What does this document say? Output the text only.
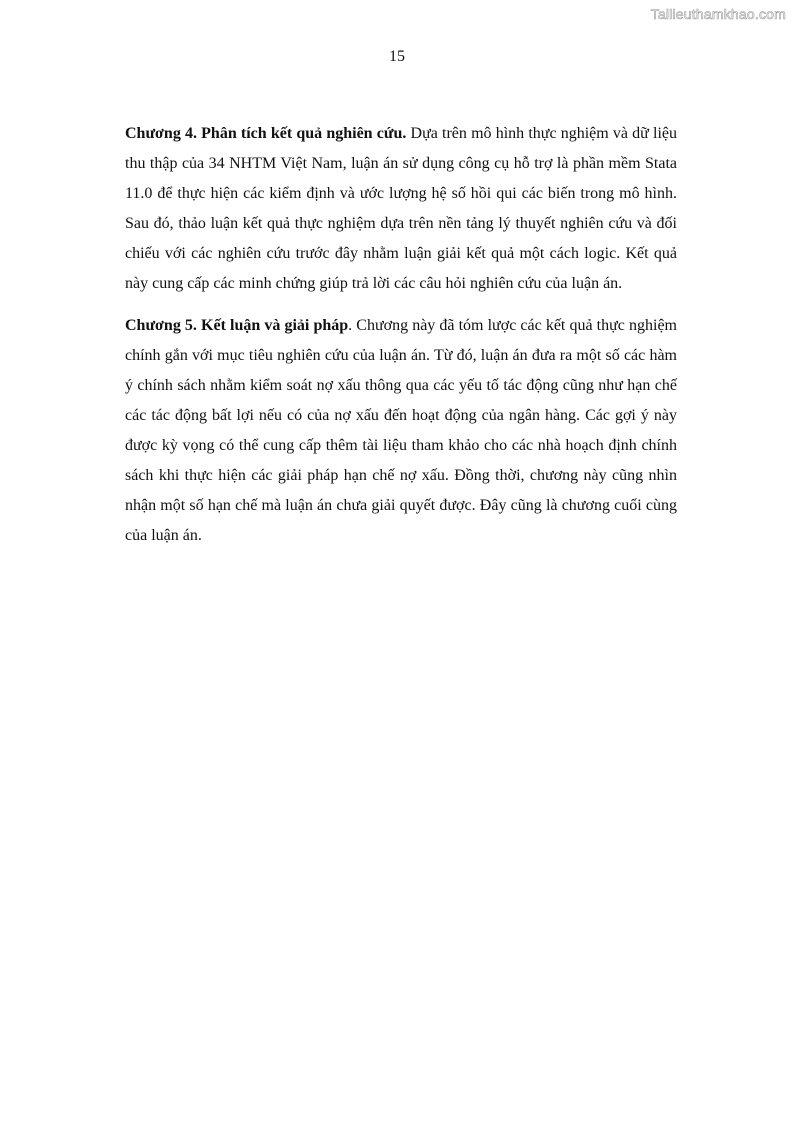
Tailieuthamkhao.com
15

Chương 4. Phân tích kết quả nghiên cứu. Dựa trên mô hình thực nghiệm và dữ liệu thu thập của 34 NHTM Việt Nam, luận án sử dụng công cụ hỗ trợ là phần mềm Stata 11.0 để thực hiện các kiểm định và ước lượng hệ số hồi qui các biến trong mô hình. Sau đó, thảo luận kết quả thực nghiệm dựa trên nền tảng lý thuyết nghiên cứu và đối chiếu với các nghiên cứu trước đây nhằm luận giải kết quả một cách logic. Kết quả này cung cấp các minh chứng giúp trả lời các câu hỏi nghiên cứu của luận án.

Chương 5. Kết luận và giải pháp. Chương này đã tóm lược các kết quả thực nghiệm chính gắn với mục tiêu nghiên cứu của luận án. Từ đó, luận án đưa ra một số các hàm ý chính sách nhằm kiểm soát nợ xấu thông qua các yếu tố tác động cũng như hạn chế các tác động bất lợi nếu có của nợ xấu đến hoạt động của ngân hàng. Các gợi ý này được kỳ vọng có thể cung cấp thêm tài liệu tham khảo cho các nhà hoạch định chính sách khi thực hiện các giải pháp hạn chế nợ xấu. Đồng thời, chương này cũng nhìn nhận một số hạn chế mà luận án chưa giải quyết được. Đây cũng là chương cuối cùng của luận án.
